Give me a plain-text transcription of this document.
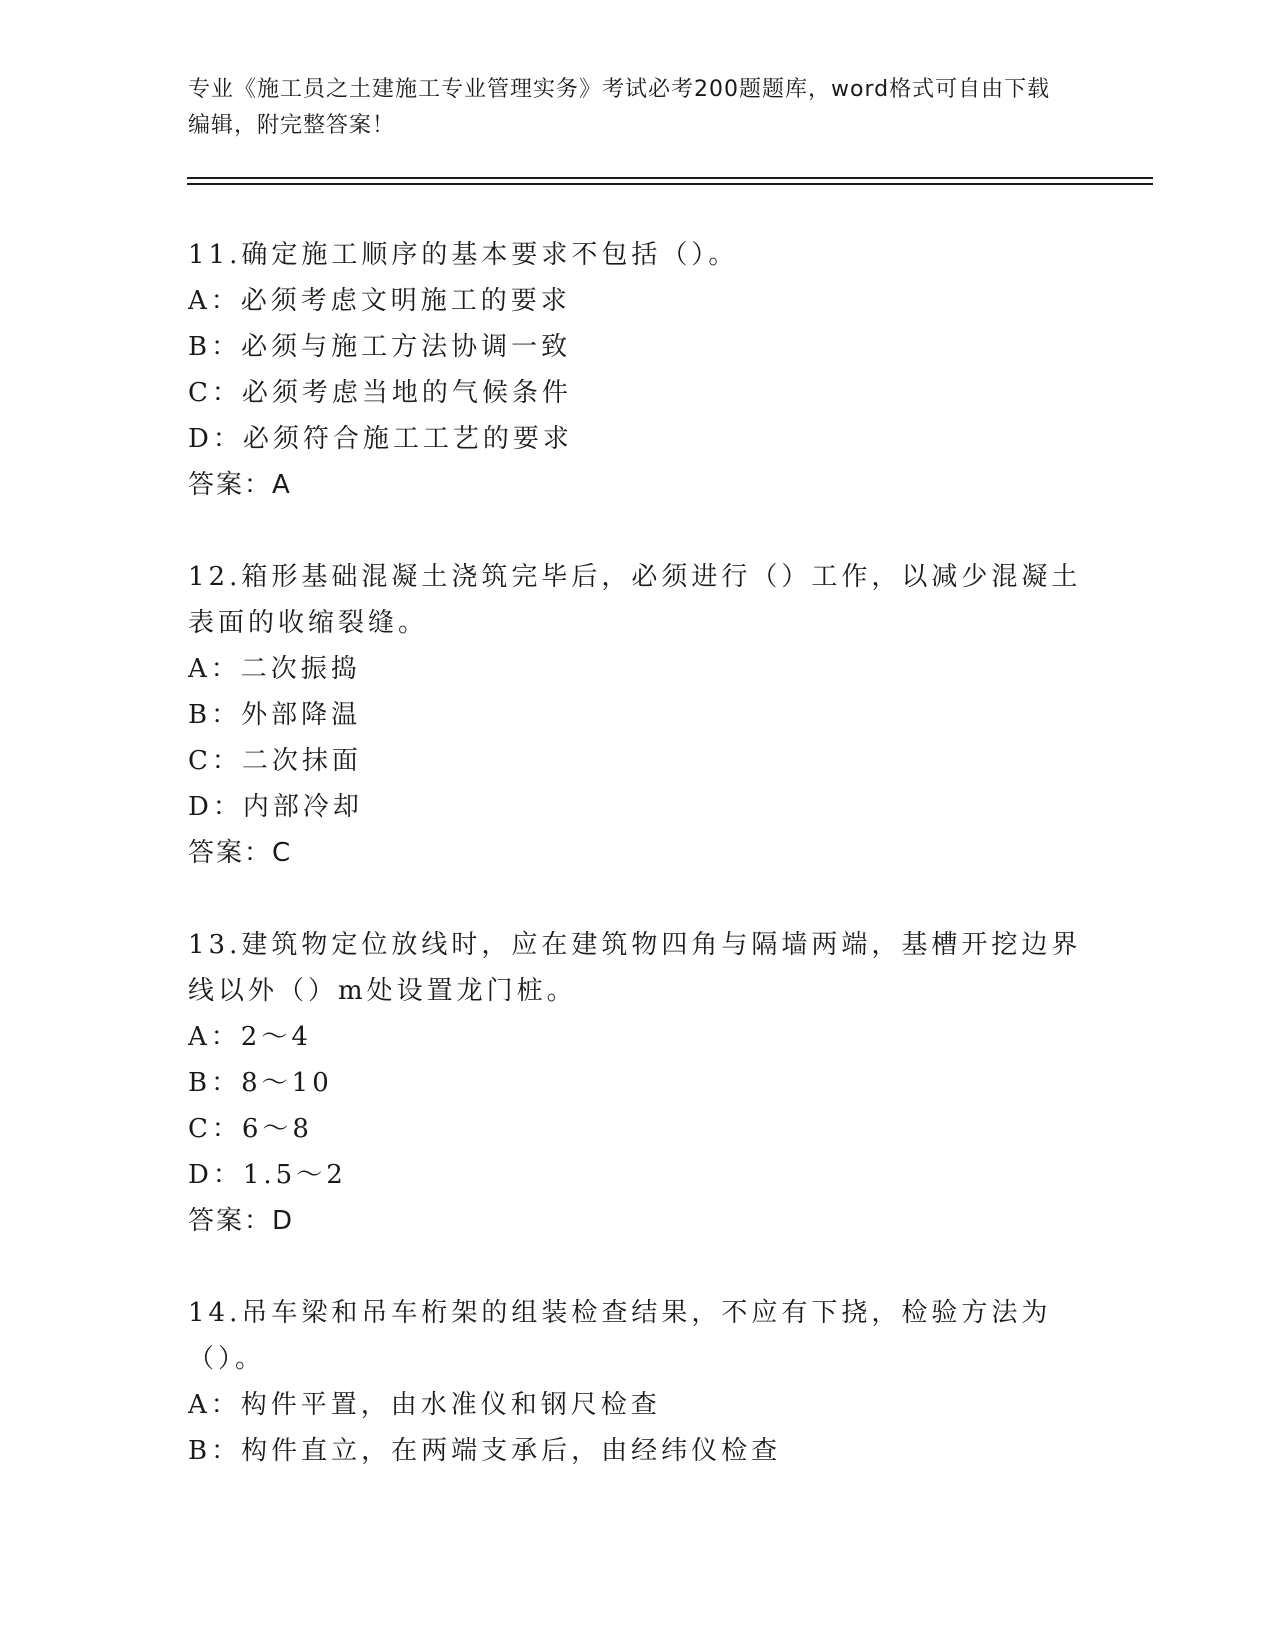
专业《施工员之土建施工专业管理实务》考试必考200题题库，word格式可自由下载编辑，附完整答案！
11.确定施工顺序的基本要求不包括（）。
A：必须考虑文明施工的要求
B：必须与施工方法协调一致
C：必须考虑当地的气候条件
D：必须符合施工工艺的要求
答案：A
12.箱形基础混凝土浇筑完毕后，必须进行（）工作，以减少混凝土表面的收缩裂缝。
A：二次振捣
B：外部降温
C：二次抹面
D：内部冷却
答案：C
13.建筑物定位放线时，应在建筑物四角与隔墙两端，基槽开挖边界线以外（）m处设置龙门桩。
A：2～4
B：8～10
C：6～8
D：1.5～2
答案：D
14.吊车梁和吊车桁架的组装检查结果，不应有下挠，检验方法为（）。
A：构件平置，由水准仪和钢尺检查
B：构件直立，在两端支承后，由经纬仪检查
